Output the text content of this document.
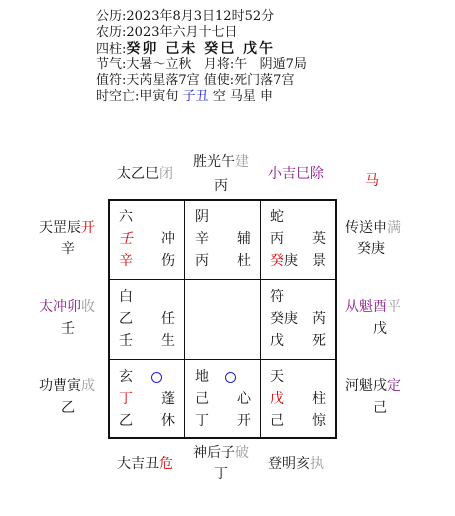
公历:2023年8月3日12时52分
农历:2023年六月十七日
四柱:癸卯 己未 癸巳 戊午
节气:大暑～立秋 月将:午 阴遁7局
值符:天芮星落7宫 值使:死门落7宫
时空亡:甲寅旬 子丑 空 马星 申
太乙巳闭
胜光午建
丙
小吉巳除	马
天罡辰开
辛
太冲卯收
壬
功曹寅成
乙
传送申满
癸庚
从魁酉平
戊
河魁戌定
己
大吉丑危
神后子破
丁
登明亥执
六
壬 冲
辛 伤
阴
辛 辅
丙 杜
蛇
丙 英
癸庚 景
白
乙 任
壬 生
符
癸庚 芮
戊 死
玄
丁 蓬
乙 休
地
己 心
丁 开
天
戊 柱
己 惊
